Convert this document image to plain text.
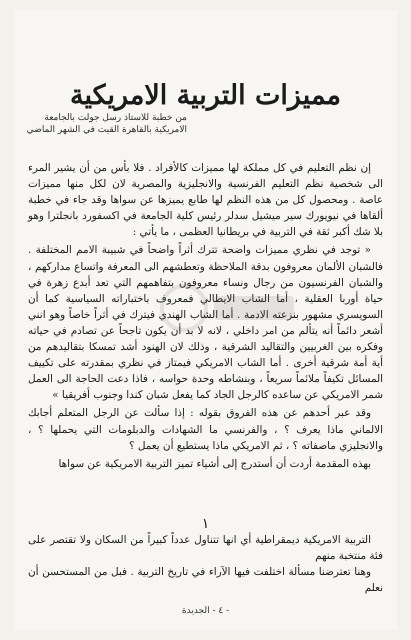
مميزات التربية الامريكية
من خطبة للاستاذ رسل جولت بالجامعة
الامريكية بالقاهرة القيت في الشهر الماضي

إن نظم التعليم في كل مملكة لها مميزات كالأفراد . فلا بأس من أن يشير المرء الى شخصية نظم التعليم الفرنسية والانجليزية والمصرية لان لكل منها مميزات عاصة . ومحصول كل من هذه النظم لها طابع يميزها عن سواها وقد جاء في خطبة ألقاها في نيويورك سير ميشيل سدلر رئيس كلية الجامعة في اكسفورد بانجلترا وهو بلا شك أكبر ثقة في التربية في بريطانيا العظمى ، ما يأتي :

« توجد في نظري مميزات واضحة تترك أثراً واضحاً في شبيبة الامم المختلفة . فالشبان الألمان معروفون بدقة الملاحظة وتعطشهم الى المعرفة واتساع مداركهم ، والشبان الفرنسيون من رجال ونساء معروفون بتفاهمهم التي تعد أبدع زهرة في حياة أوربا العقلية ، أما الشاب الايطالي فمعروف باختباراته السياسية كما أن السويسري مشهور بنزعته الادمة . أما الشاب الهندي فيترك في أثراً خاصاً وهو انني أشعر دائماً أنه يتألم من امر داخلي ، لانه لا بد أن يكون تاجحاً عن تصادم في حياته وفكره بين الغربيين والتقاليد الشرقية ، وذلك لان الهنود أشد تمسكا بتقاليدهم من أية أمة شرقية أخرى . أما الشاب الامريكي فيمتاز في نظري بمقدرته على تكييف المسائل تكيفاً ملائماً سريعاً ، وبنشاطه وحدة حواسه ، فاذا دعت الحاجة الى العمل شمر الامريكي عن ساعده كالرجل الجاد كما يفعل شبان كندا وجنوب أفريقيا »

وقد عبر أحدهم عن هذه الفروق بقوله : إذا سألت عن الرجل المتعلم أجابك الالماني ماذا يعرف ؟ ، والفرنسي ما الشهادات والدبلومات التي يحملها ؟ ، والانجليزي ماصفاته ؟ ، ثم الامريكي ماذا يستطيع أن يعمل ؟

بهذه المقدمة أردت أن أستدرج إلى أشياء تميز التربية الامريكية عن سواها

١

التربية الامريكية ديمقراطية أي انها تتناول عدداً كبيراً من السكان ولا تقتصر على فئة منتخبة منهم

وهنا تعترضنا مسألة اختلفت فيها الآراء في تاريخ التربية . فبل من المستحسن أن نعلم

- ٤ - الجديدة
